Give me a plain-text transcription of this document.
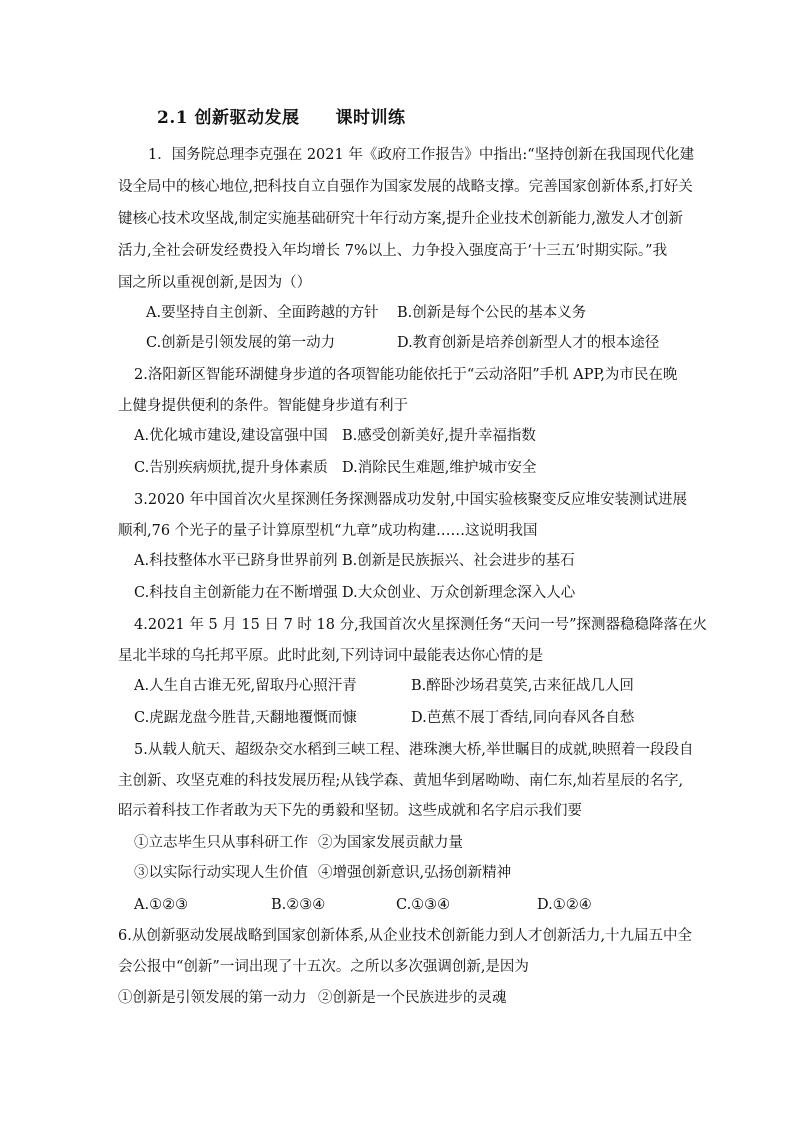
2.1 创新驱动发展 课时训练
1．国务院总理李克强在 2021 年《政府工作报告》中指出:“坚持创新在我国现代化建
设全局中的核心地位,把科技自立自强作为国家发展的战略支撑。完善国家创新体系,打好关
键核心技术攻坚战,制定实施基础研究十年行动方案,提升企业技术创新能力,激发人才创新
活力,全社会研发经费投入年均增长 7%以上、力争投入强度高于‘十三五’时期实际。”我
国之所以重视创新,是因为（）
A.要坚持自主创新、全面跨越的方针 B.创新是每个公民的基本义务
C.创新是引领发展的第一动力	D.教育创新是培养创新型人才的根本途径
2.洛阳新区智能环湖健身步道的各项智能功能依托于“云动洛阳”手机 APP,为市民在晚
上健身提供便利的条件。智能健身步道有利于
A.优化城市建设,建设富强中国 B.感受创新美好,提升幸福指数
C.告别疾病烦扰,提升身体素质 D.消除民生难题,维护城市安全
3.2020 年中国首次火星探测任务探测器成功发射,中国实验核聚变反应堆安装测试进展
顺利,76 个光子的量子计算原型机“九章”成功构建……这说明我国
A.科技整体水平已跻身世界前列 B.创新是民族振兴、社会进步的基石
C.科技自主创新能力在不断增强 D.大众创业、万众创新理念深入人心
4.2021 年 5 月 15 日 7 时 18 分,我国首次火星探测任务“天问一号”探测器稳稳降落在火
星北半球的乌托邦平原。此时此刻,下列诗词中最能表达你心情的是
A.人生自古谁无死,留取丹心照汗青	B.醉卧沙场君莫笑,古来征战几人回
C.虎踞龙盘今胜昔,天翻地覆慨而慷	D.芭蕉不展丁香结,同向春风各自愁
5.从载人航天、超级杂交水稻到三峡工程、港珠澳大桥,举世瞩目的成就,映照着一段段自
主创新、攻坚克难的科技发展历程;从钱学森、黄旭华到屠呦呦、南仁东,灿若星辰的名字,
昭示着科技工作者敢为天下先的勇毅和坚韧。这些成就和名字启示我们要
①立志毕生只从事科研工作 ②为国家发展贡献力量
③以实际行动实现人生价值 ④增强创新意识,弘扬创新精神
A.①②③	B.②③④	C.①③④	D.①②④
6.从创新驱动发展战略到国家创新体系,从企业技术创新能力到人才创新活力,十九届五中全
会公报中“创新”一词出现了十五次。之所以多次强调创新,是因为
①创新是引领发展的第一动力 ②创新是一个民族进步的灵魂
